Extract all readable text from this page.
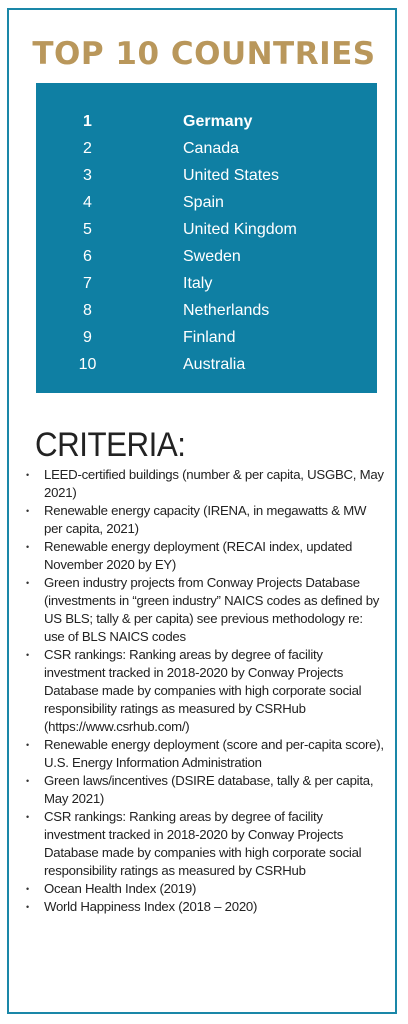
TOP 10 COUNTRIES
1	Germany
2	Canada
3	United States
4	Spain
5	United Kingdom
6	Sweden
7	Italy
8	Netherlands
9	Finland
10	Australia
CRITERIA:
• LEED-certified buildings (number & per capita, USGBC, May 2021)
• Renewable energy capacity (IRENA, in megawatts & MW per capita, 2021)
• Renewable energy deployment (RECAI index, updated November 2020 by EY)
• Green industry projects from Conway Projects Database (investments in “green industry” NAICS codes as defined by US BLS; tally & per capita) see previous methodology re: use of BLS NAICS codes
• CSR rankings: Ranking areas by degree of facility investment tracked in 2018-2020 by Conway Projects Database made by companies with high corporate social responsibility ratings as measured by CSRHub (https://www.csrhub.com/)
• Renewable energy deployment (score and per-capita score), U.S. Energy Information Administration
• Green laws/incentives (DSIRE database, tally & per capita, May 2021)
• CSR rankings: Ranking areas by degree of facility investment tracked in 2018-2020 by Conway Projects Database made by companies with high corporate social responsibility ratings as measured by CSRHub
• Ocean Health Index (2019)
• World Happiness Index (2018 – 2020)
